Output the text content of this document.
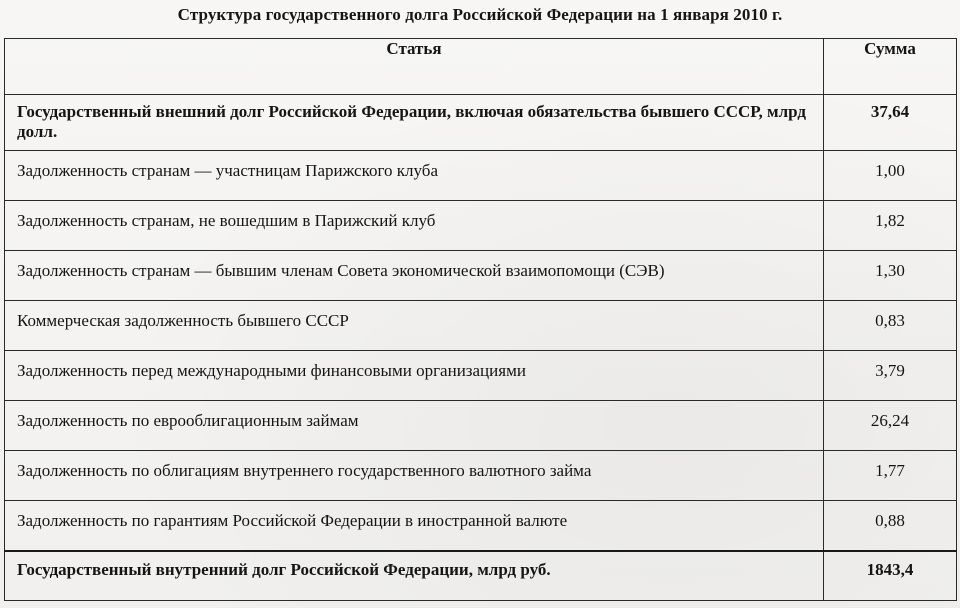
Структура государственного долга Российской Федерации на 1 января 2010 г.
Статья	Сумма
Государственный внешний долг Российской Федерации, включая обязательства бывшего СССР, млрд долл.	37,64
Задолженность странам — участницам Парижского клуба	1,00
Задолженность странам, не вошедшим в Парижский клуб	1,82
Задолженность странам — бывшим членам Совета экономической взаимопомощи (СЭВ)	1,30
Коммерческая задолженность бывшего СССР	0,83
Задолженность перед международными финансовыми организациями	3,79
Задолженность по еврооблигационным займам	26,24
Задолженность по облигациям внутреннего государственного валютного займа	1,77
Задолженность по гарантиям Российской Федерации в иностранной валюте	0,88
Государственный внутренний долг Российской Федерации, млрд руб.	1843,4
